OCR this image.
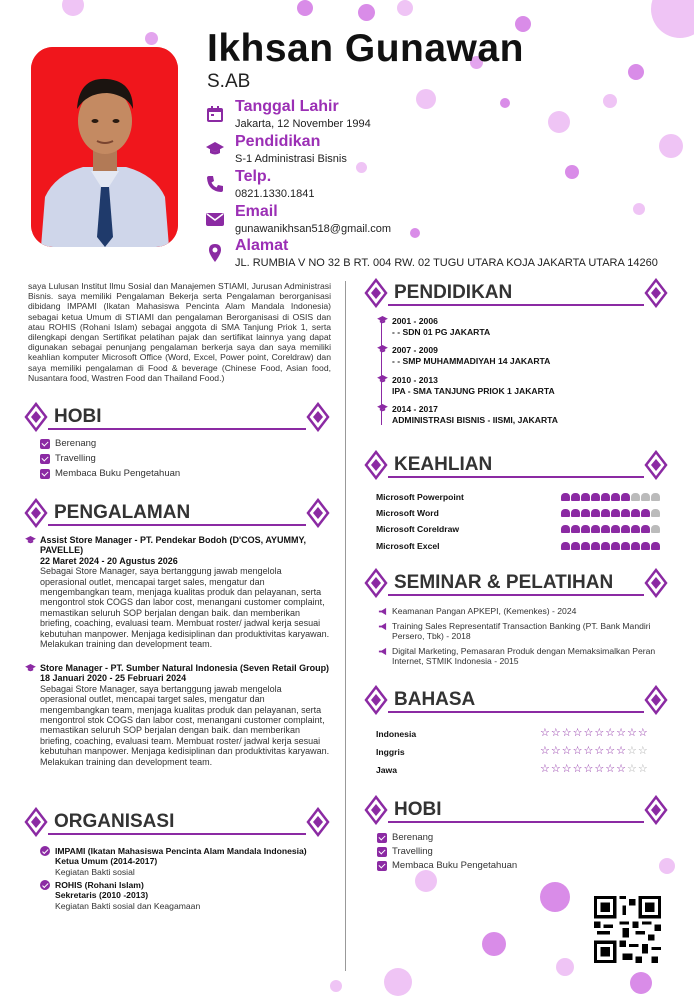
Ikhsan Gunawan
S.AB
Tanggal Lahir
Jakarta, 12 November 1994
Pendidikan
S-1 Administrasi Bisnis
Telp.
0821.1330.1841
Email
gunawanikhsan518@gmail.com
Alamat
JL. RUMBIA V NO 32 B RT. 004 RW. 02 TUGU UTARA KOJA JAKARTA UTARA 14260
saya Lulusan Institut Ilmu Sosial dan Manajemen STIAMI, Jurusan Administrasi Bisnis. saya memiliki Pengalaman Bekerja serta Pengalaman berorganisasi dibidang IMPAMI (Ikatan Mahasiswa Pencinta Alam Mandala Indonesia) sebagai ketua Umum di STIAMI dan pengalaman Berorganisasi di OSIS dan atau ROHIS (Rohani Islam) sebagai anggota di SMA Tanjung Priok 1, serta dilengkapi dengan Sertifikat pelatihan pajak dan sertifikat lainnya yang dapat digunakan sebagai penunjang pengalaman berkerja saya dan saya memiliki keahlian komputer Microsoft Office (Word, Excel, Power point, Coreldraw) dan saya memiliki pengalaman di Food & beverage (Chinese Food, Asian food, Nusantara food, Wastren Food dan Thailand Food.)
HOBI
Berenang
Travelling
Membaca Buku Pengetahuan
PENGALAMAN
Assist Store Manager - PT. Pendekar Bodoh (D'COS, AYUMMY, PAVELLE)
22 Maret 2024 - 20 Agustus 2026
Sebagai Store Manager, saya bertanggung jawab mengelola operasional outlet, mencapai target sales, mengatur dan mengembangkan team, menjaga kualitas produk dan pelayanan, serta mengontrol stok COGS dan labor cost, menangani customer complaint, memastikan seluruh SOP berjalan dengan baik. dan memberikan briefing, coaching, evaluasi team. Membuat roster/ jadwal kerja sesuai kebutuhan manpower. Menjaga kedisiplinan dan produktivitas karyawan. Melakukan training dan development team.
Store Manager - PT. Sumber Natural Indonesia (Seven Retail Group)
18 Januari 2020 - 25 Februari 2024
Sebagai Store Manager, saya bertanggung jawab mengelola operasional outlet, mencapai target sales, mengatur dan mengembangkan team, menjaga kualitas produk dan pelayanan, serta mengontrol stok COGS dan labor cost, menangani customer complaint, memastikan seluruh SOP berjalan dengan baik. dan memberikan briefing, coaching, evaluasi team. Membuat roster/ jadwal kerja sesuai kebutuhan manpower. Menjaga kedisiplinan dan produktivitas karyawan. Melakukan training dan development team.
ORGANISASI
IMPAMI (Ikatan Mahasiswa Pencinta Alam Mandala Indonesia)
Ketua Umum (2014-2017)
Kegiatan Bakti sosial
ROHIS (Rohani Islam)
Sekretaris (2010 -2013)
Kegiatan Bakti sosial dan Keagamaan
PENDIDIKAN
2001 - 2006
- - SDN 01 PG JAKARTA
2007 - 2009
- - SMP MUHAMMADIYAH 14 JAKARTA
2010 - 2013
IPA - SMA TANJUNG PRIOK 1 JAKARTA
2014 - 2017
ADMINISTRASI BISNIS - IISMI, JAKARTA
KEAHLIAN
Microsoft Powerpoint
Microsoft Word
Microsoft Coreldraw
Microsoft Excel
SEMINAR & PELATIHAN
Keamanan Pangan APKEPI, (Kemenkes) - 2024
Training Sales Representatif Transaction Banking (PT. Bank Mandiri Persero, Tbk) - 2018
Digital Marketing, Pemasaran Produk dengan Memaksimalkan Peran Internet, STMIK Indonesia - 2015
BAHASA
Indonesia	☆☆☆☆☆☆☆☆☆☆
Inggris	☆☆☆☆☆☆☆☆☆☆
Jawa	☆☆☆☆☆☆☆☆☆☆
HOBI
Berenang
Travelling
Membaca Buku Pengetahuan
